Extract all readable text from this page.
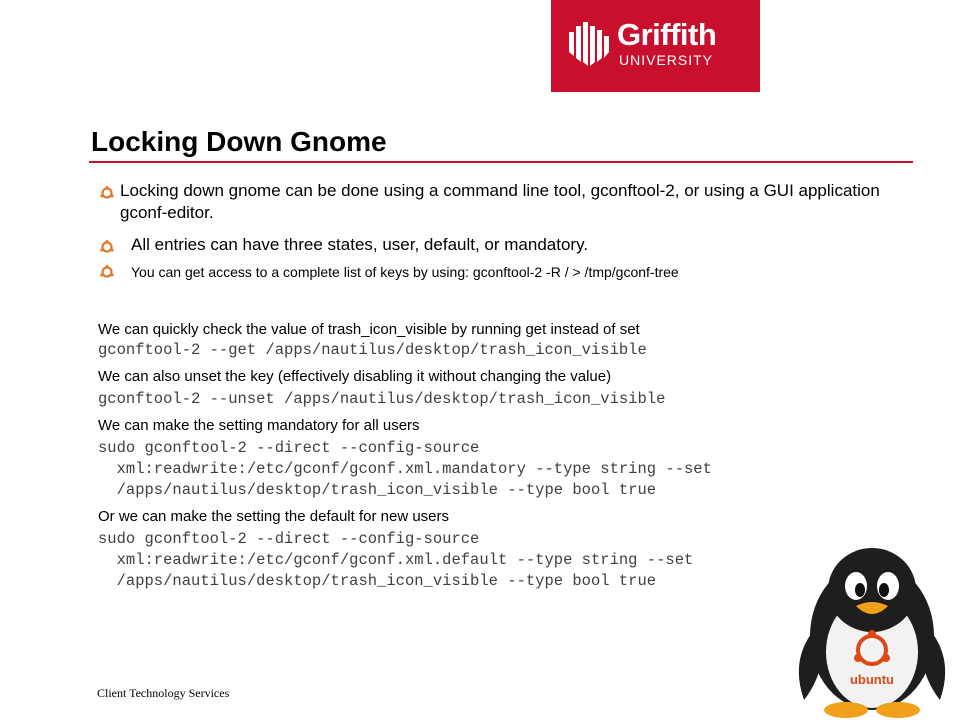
Griffith
UNIVERSITY
Locking Down Gnome
Locking down gnome can be done using a command line tool, gconftool-2, or using a GUI application gconf-editor.
All entries can have three states, user, default, or mandatory.
You can get access to a complete list of keys by using: gconftool-2 -R / > /tmp/gconf-tree

We can quickly check the value of trash_icon_visible by running get instead of set

gconftool-2 --get /apps/nautilus/desktop/trash_icon_visible

We can also unset the key (effectively disabling it without changing the value)

gconftool-2 --unset /apps/nautilus/desktop/trash_icon_visible

We can make the setting mandatory for all users

sudo gconftool-2 --direct --config-source
xml:readwrite:/etc/gconf/gconf.xml.mandatory --type string --set
/apps/nautilus/desktop/trash_icon_visible --type bool true

Or we can make the setting the default for new users

sudo gconftool-2 --direct --config-source
xml:readwrite:/etc/gconf/gconf.xml.default --type string --set
/apps/nautilus/desktop/trash_icon_visible --type bool true

ubuntu
Client Technology Services
